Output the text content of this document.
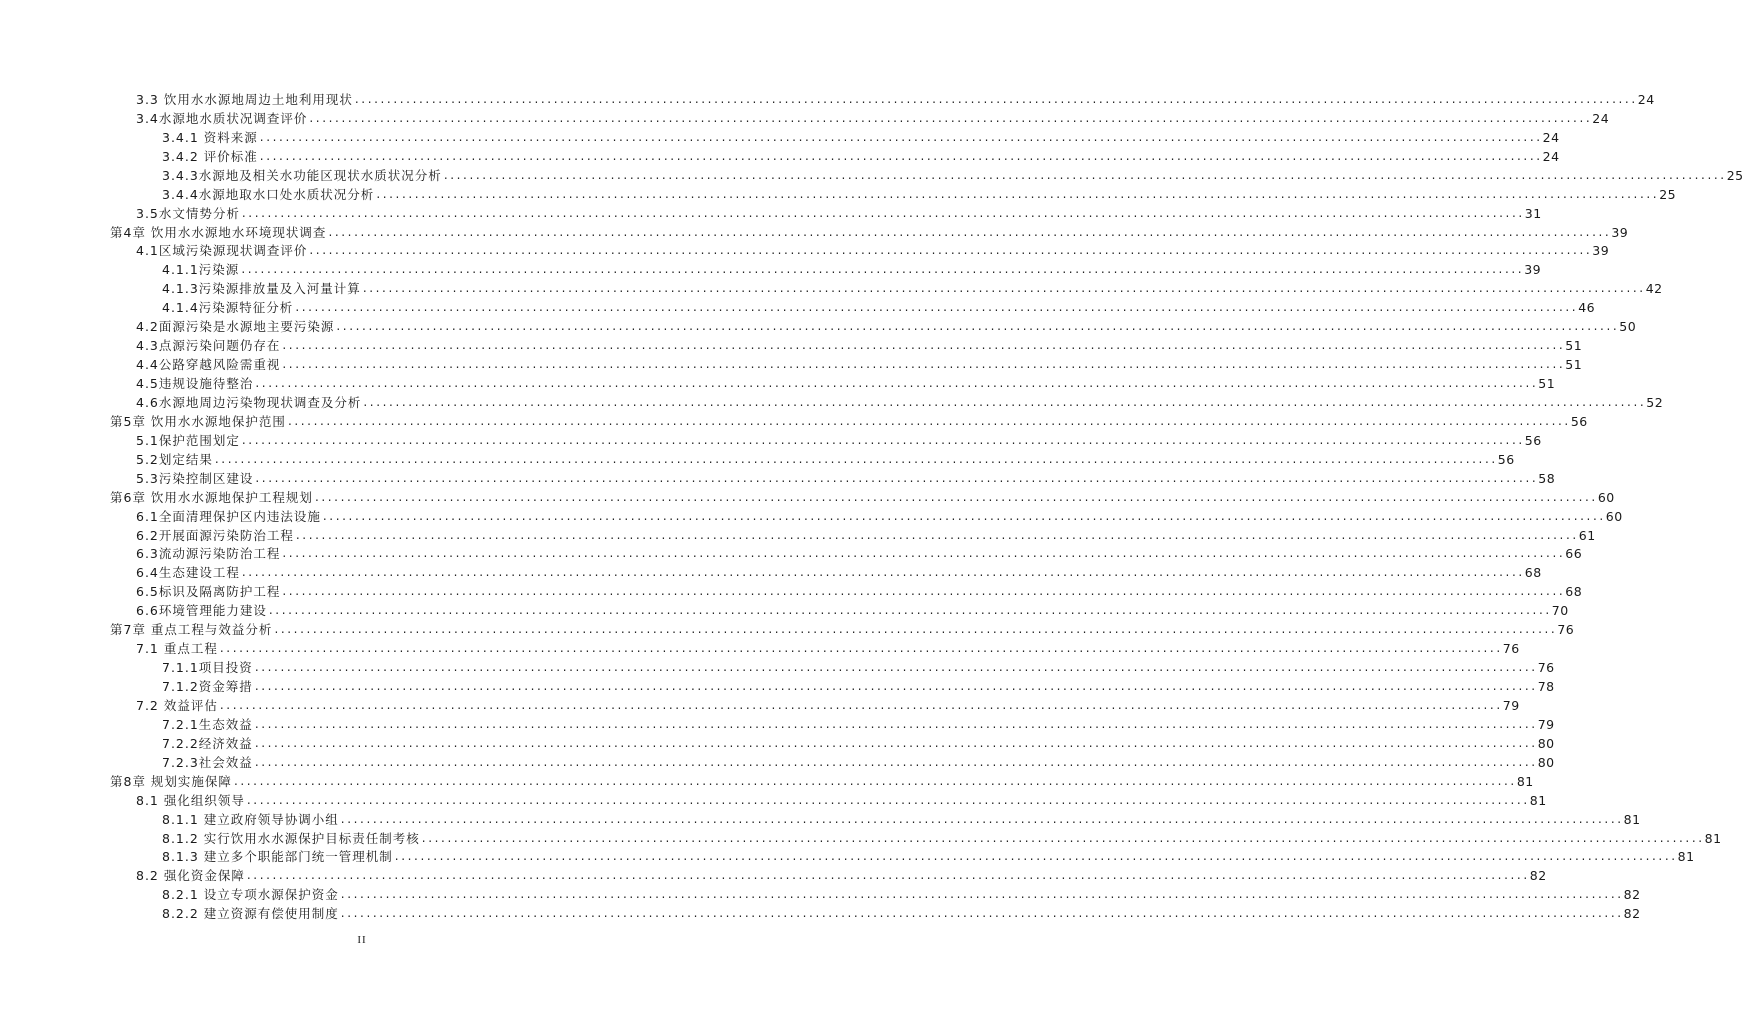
3.3 饮用水水源地周边土地利用现状 ........................................................................................................................................................................................................ 24
3.4水源地水质状况调查评价 ........................................................................................................................................................................................................ 24
3.4.1 资料来源 ........................................................................................................................................................................................................ 24
3.4.2 评价标准 ........................................................................................................................................................................................................ 24
3.4.3水源地及相关水功能区现状水质状况分析 ........................................................................................................................................................................................................ 25
3.4.4水源地取水口处水质状况分析 ........................................................................................................................................................................................................ 25
3.5水文情势分析 ........................................................................................................................................................................................................ 31
第4章 饮用水水源地水环境现状调查 ........................................................................................................................................................................................................ 39
4.1区域污染源现状调查评价 ........................................................................................................................................................................................................ 39
4.1.1污染源 ........................................................................................................................................................................................................ 39
4.1.3污染源排放量及入河量计算 ........................................................................................................................................................................................................ 42
4.1.4污染源特征分析 ........................................................................................................................................................................................................ 46
4.2面源污染是水源地主要污染源 ........................................................................................................................................................................................................ 50
4.3点源污染问题仍存在 ........................................................................................................................................................................................................ 51
4.4公路穿越风险需重视 ........................................................................................................................................................................................................ 51
4.5违规设施待整治 ........................................................................................................................................................................................................ 51
4.6水源地周边污染物现状调查及分析 ........................................................................................................................................................................................................ 52
第5章 饮用水水源地保护范围 ........................................................................................................................................................................................................ 56
5.1保护范围划定 ........................................................................................................................................................................................................ 56
5.2划定结果 ........................................................................................................................................................................................................ 56
5.3污染控制区建设 ........................................................................................................................................................................................................ 58
第6章 饮用水水源地保护工程规划 ........................................................................................................................................................................................................ 60
6.1全面清理保护区内违法设施 ........................................................................................................................................................................................................ 60
6.2开展面源污染防治工程 ........................................................................................................................................................................................................ 61
6.3流动源污染防治工程 ........................................................................................................................................................................................................ 66
6.4生态建设工程 ........................................................................................................................................................................................................ 68
6.5标识及隔离防护工程 ........................................................................................................................................................................................................ 68
6.6环境管理能力建设 ........................................................................................................................................................................................................ 70
第7章 重点工程与效益分析 ........................................................................................................................................................................................................ 76
7.1 重点工程 ........................................................................................................................................................................................................ 76
7.1.1项目投资 ........................................................................................................................................................................................................ 76
7.1.2资金筹措 ........................................................................................................................................................................................................ 78
7.2 效益评估 ........................................................................................................................................................................................................ 79
7.2.1生态效益 ........................................................................................................................................................................................................ 79
7.2.2经济效益 ........................................................................................................................................................................................................ 80
7.2.3社会效益 ........................................................................................................................................................................................................ 80
第8章 规划实施保障 ........................................................................................................................................................................................................ 81
8.1 强化组织领导 ........................................................................................................................................................................................................ 81
8.1.1 建立政府领导协调小组 ........................................................................................................................................................................................................ 81
8.1.2 实行饮用水水源保护目标责任制考核 ........................................................................................................................................................................................................ 81
8.1.3 建立多个职能部门统一管理机制 ........................................................................................................................................................................................................ 81
8.2 强化资金保障 ........................................................................................................................................................................................................ 82
8.2.1 设立专项水源保护资金 ........................................................................................................................................................................................................ 82
8.2.2 建立资源有偿使用制度 ........................................................................................................................................................................................................ 82
II
